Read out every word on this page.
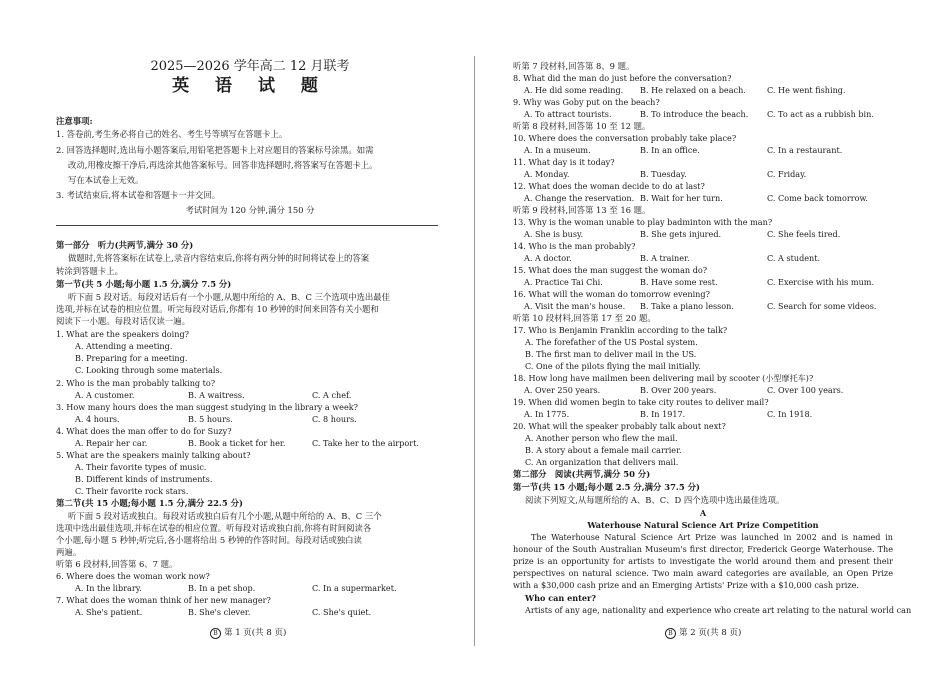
2025—2026 学年高二 12 月联考
英 语 试 题
注意事项:
1. 答卷前,考生务必将自己的姓名、考生号等填写在答题卡上。
2. 回答选择题时,选出每小题答案后,用铅笔把答题卡上对应题目的答案标号涂黑。如需
改动,用橡皮擦干净后,再选涂其他答案标号。回答非选择题时,将答案写在答题卡上。
写在本试卷上无效。
3. 考试结束后,将本试卷和答题卡一并交回。
考试时间为 120 分钟,满分 150 分
第一部分　听力(共两节,满分 30 分)
做题时,先将答案标在试卷上,录音内容结束后,你将有两分钟的时间将试卷上的答案
转涂到答题卡上。
第一节(共 5 小题;每小题 1.5 分,满分 7.5 分)
听下面 5 段对话。每段对话后有一个小题,从题中所给的 A、B、C 三个选项中选出最佳
选项,并标在试卷的相应位置。听完每段对话后,你都有 10 秒钟的时间来回答有关小题和
阅读下一小题。每段对话仅读一遍。
1. What are the speakers doing?
A. Attending a meeting.
B. Preparing for a meeting.
C. Looking through some materials.
2. Who is the man probably talking to?
A. A customer.	B. A waitress.	C. A chef.
3. How many hours does the man suggest studying in the library a week?
A. 4 hours.	B. 5 hours.	C. 8 hours.
4. What does the man offer to do for Suzy?
A. Repair her car.	B. Book a ticket for her.	C. Take her to the airport.
5. What are the speakers mainly talking about?
A. Their favorite types of music.
B. Different kinds of instruments.
C. Their favorite rock stars.
第二节(共 15 小题;每小题 1.5 分,满分 22.5 分)
听下面 5 段对话或独白。每段对话或独白后有几个小题,从题中所给的 A、B、C 三个
选项中选出最佳选项,并标在试卷的相应位置。听每段对话或独白前,你将有时间阅读各
个小题,每小题 5 秒钟;听完后,各小题将给出 5 秒钟的作答时间。每段对话或独白读
两遍。
听第 6 段材料,回答第 6、7 题。
6. Where does the woman work now?
A. In the library.	B. In a pet shop.	C. In a supermarket.
7. What does the woman think of her new manager?
A. She's patient.	B. She's clever.	C. She's quiet.
B 第 1 页(共 8 页)
听第 7 段材料,回答第 8、9 题。
8. What did the man do just before the conversation?
A. He did some reading. B. He relaxed on a beach.	C. He went fishing.
9. Why was Goby put on the beach?
A. To attract tourists.	B. To introduce the beach. C. To act as a rubbish bin.
听第 8 段材料,回答第 10 至 12 题。
10. Where does the conversation probably take place?
A. In a museum.	B. In an office.	C. In a restaurant.
11. What day is it today?
A. Monday.	B. Tuesday.	C. Friday.
12. What does the woman decide to do at last?
A. Change the reservation. B. Wait for her turn.	C. Come back tomorrow.
听第 9 段材料,回答第 13 至 16 题。
13. Why is the woman unable to play badminton with the man?
A. She is busy.	B. She gets injured.	C. She feels tired.
14. Who is the man probably?
A. A doctor.	B. A trainer.	C. A student.
15. What does the man suggest the woman do?
A. Practice Tai Chi.	B. Have some rest.	C. Exercise with his mum.
16. What will the woman do tomorrow evening?
A. Visit the man's house. B. Take a piano lesson.	C. Search for some videos.
听第 10 段材料,回答第 17 至 20 题。
17. Who is Benjamin Franklin according to the talk?
A. The forefather of the US Postal system.
B. The first man to deliver mail in the US.
C. One of the pilots flying the mail initially.
18. How long have mailmen been delivering mail by scooter (小型摩托车)?
A. Over 250 years.	B. Over 200 years.	C. Over 100 years.
19. When did women begin to take city routes to deliver mail?
A. In 1775.	B. In 1917.	C. In 1918.
20. What will the speaker probably talk about next?
A. Another person who flew the mail.
B. A story about a female mail carrier.
C. An organization that delivers mail.
第二部分　阅读(共两节,满分 50 分)
第一节(共 15 小题;每小题 2.5 分,满分 37.5 分)
阅读下列短文,从每题所给的 A、B、C、D 四个选项中选出最佳选项。
A
Waterhouse Natural Science Art Prize Competition
The Waterhouse Natural Science Art Prize was launched in 2002 and is named in honour of the South Australian Museum's first director, Frederick George Waterhouse. The prize is an opportunity for artists to investigate the world around them and present their perspectives on natural science. Two main award categories are available, an Open Prize with a $30,000 cash prize and an Emerging Artists' Prize with a $10,000 cash prize.
Who can enter?
Artists of any age, nationality and experience who create art relating to the natural world can
B 第 2 页(共 8 页)
